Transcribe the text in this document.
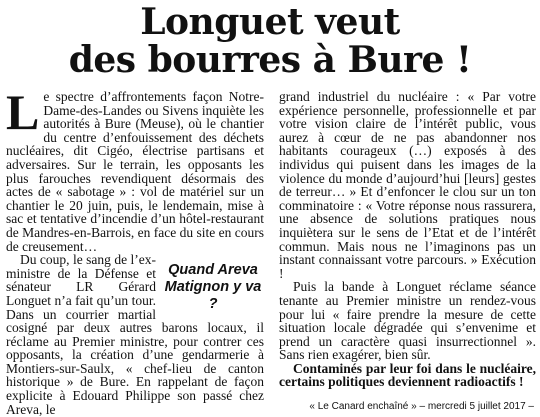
Longuet veut
des bourres à Bure !

L e spectre d’affrontements façon Notre-Dame-des-Landes ou Sivens inquiète les autorités à Bure (Meuse), où le chantier du centre d’enfouissement des déchets nucléaires, dit Cigéo, électrise partisans et adversaires. Sur le terrain, les opposants les plus farouches revendiquent désormais des actes de « sabotage » : vol de matériel sur un chantier le 20 juin, puis, le lendemain, mise à sac et tentative d’incendie d’un hôtel-restaurant de Mandres-en-Barrois, en face du site en cours de creusement…

Quand Areva
Matignon y va ?

Du coup, le sang de l’ex-ministre de la Défense et sénateur LR Gérard Longuet n’a fait qu’un tour. Dans un courrier martial cosigné par deux autres barons locaux, il réclame au Premier ministre, pour contrer ces opposants, la création d’une gendarmerie à Montiers-sur-Saulx, « chef-lieu de canton historique » de Bure. En rappelant de façon explicite à Edouard Philippe son passé chez Areva, le

grand industriel du nucléaire : « Par votre expérience personnelle, professionnelle et par votre vision claire de l’intérêt public, vous aurez à cœur de ne pas abandonner nos habitants courageux (…) exposés à des individus qui puisent dans les images de la violence du monde d’aujourd’hui [leurs] gestes de terreur… » Et d’enfoncer le clou sur un ton comminatoire : « Votre réponse nous rassurera, une absence de solutions pratiques nous inquiètera sur le sens de l’Etat et de l’intérêt commun. Mais nous ne l’imaginons pas un instant connaissant votre parcours. » Exécution !

Puis la bande à Longuet réclame séance tenante au Premier ministre un rendez-vous pour lui « faire prendre la mesure de cette situation locale dégradée qui s’envenime et prend un caractère quasi insurrectionnel ». Sans rien exagérer, bien sûr.

Contaminés par leur foi dans le nucléaire, certains politiques deviennent radioactifs !

« Le Canard enchaîné » – mercredi 5 juillet 2017 –
